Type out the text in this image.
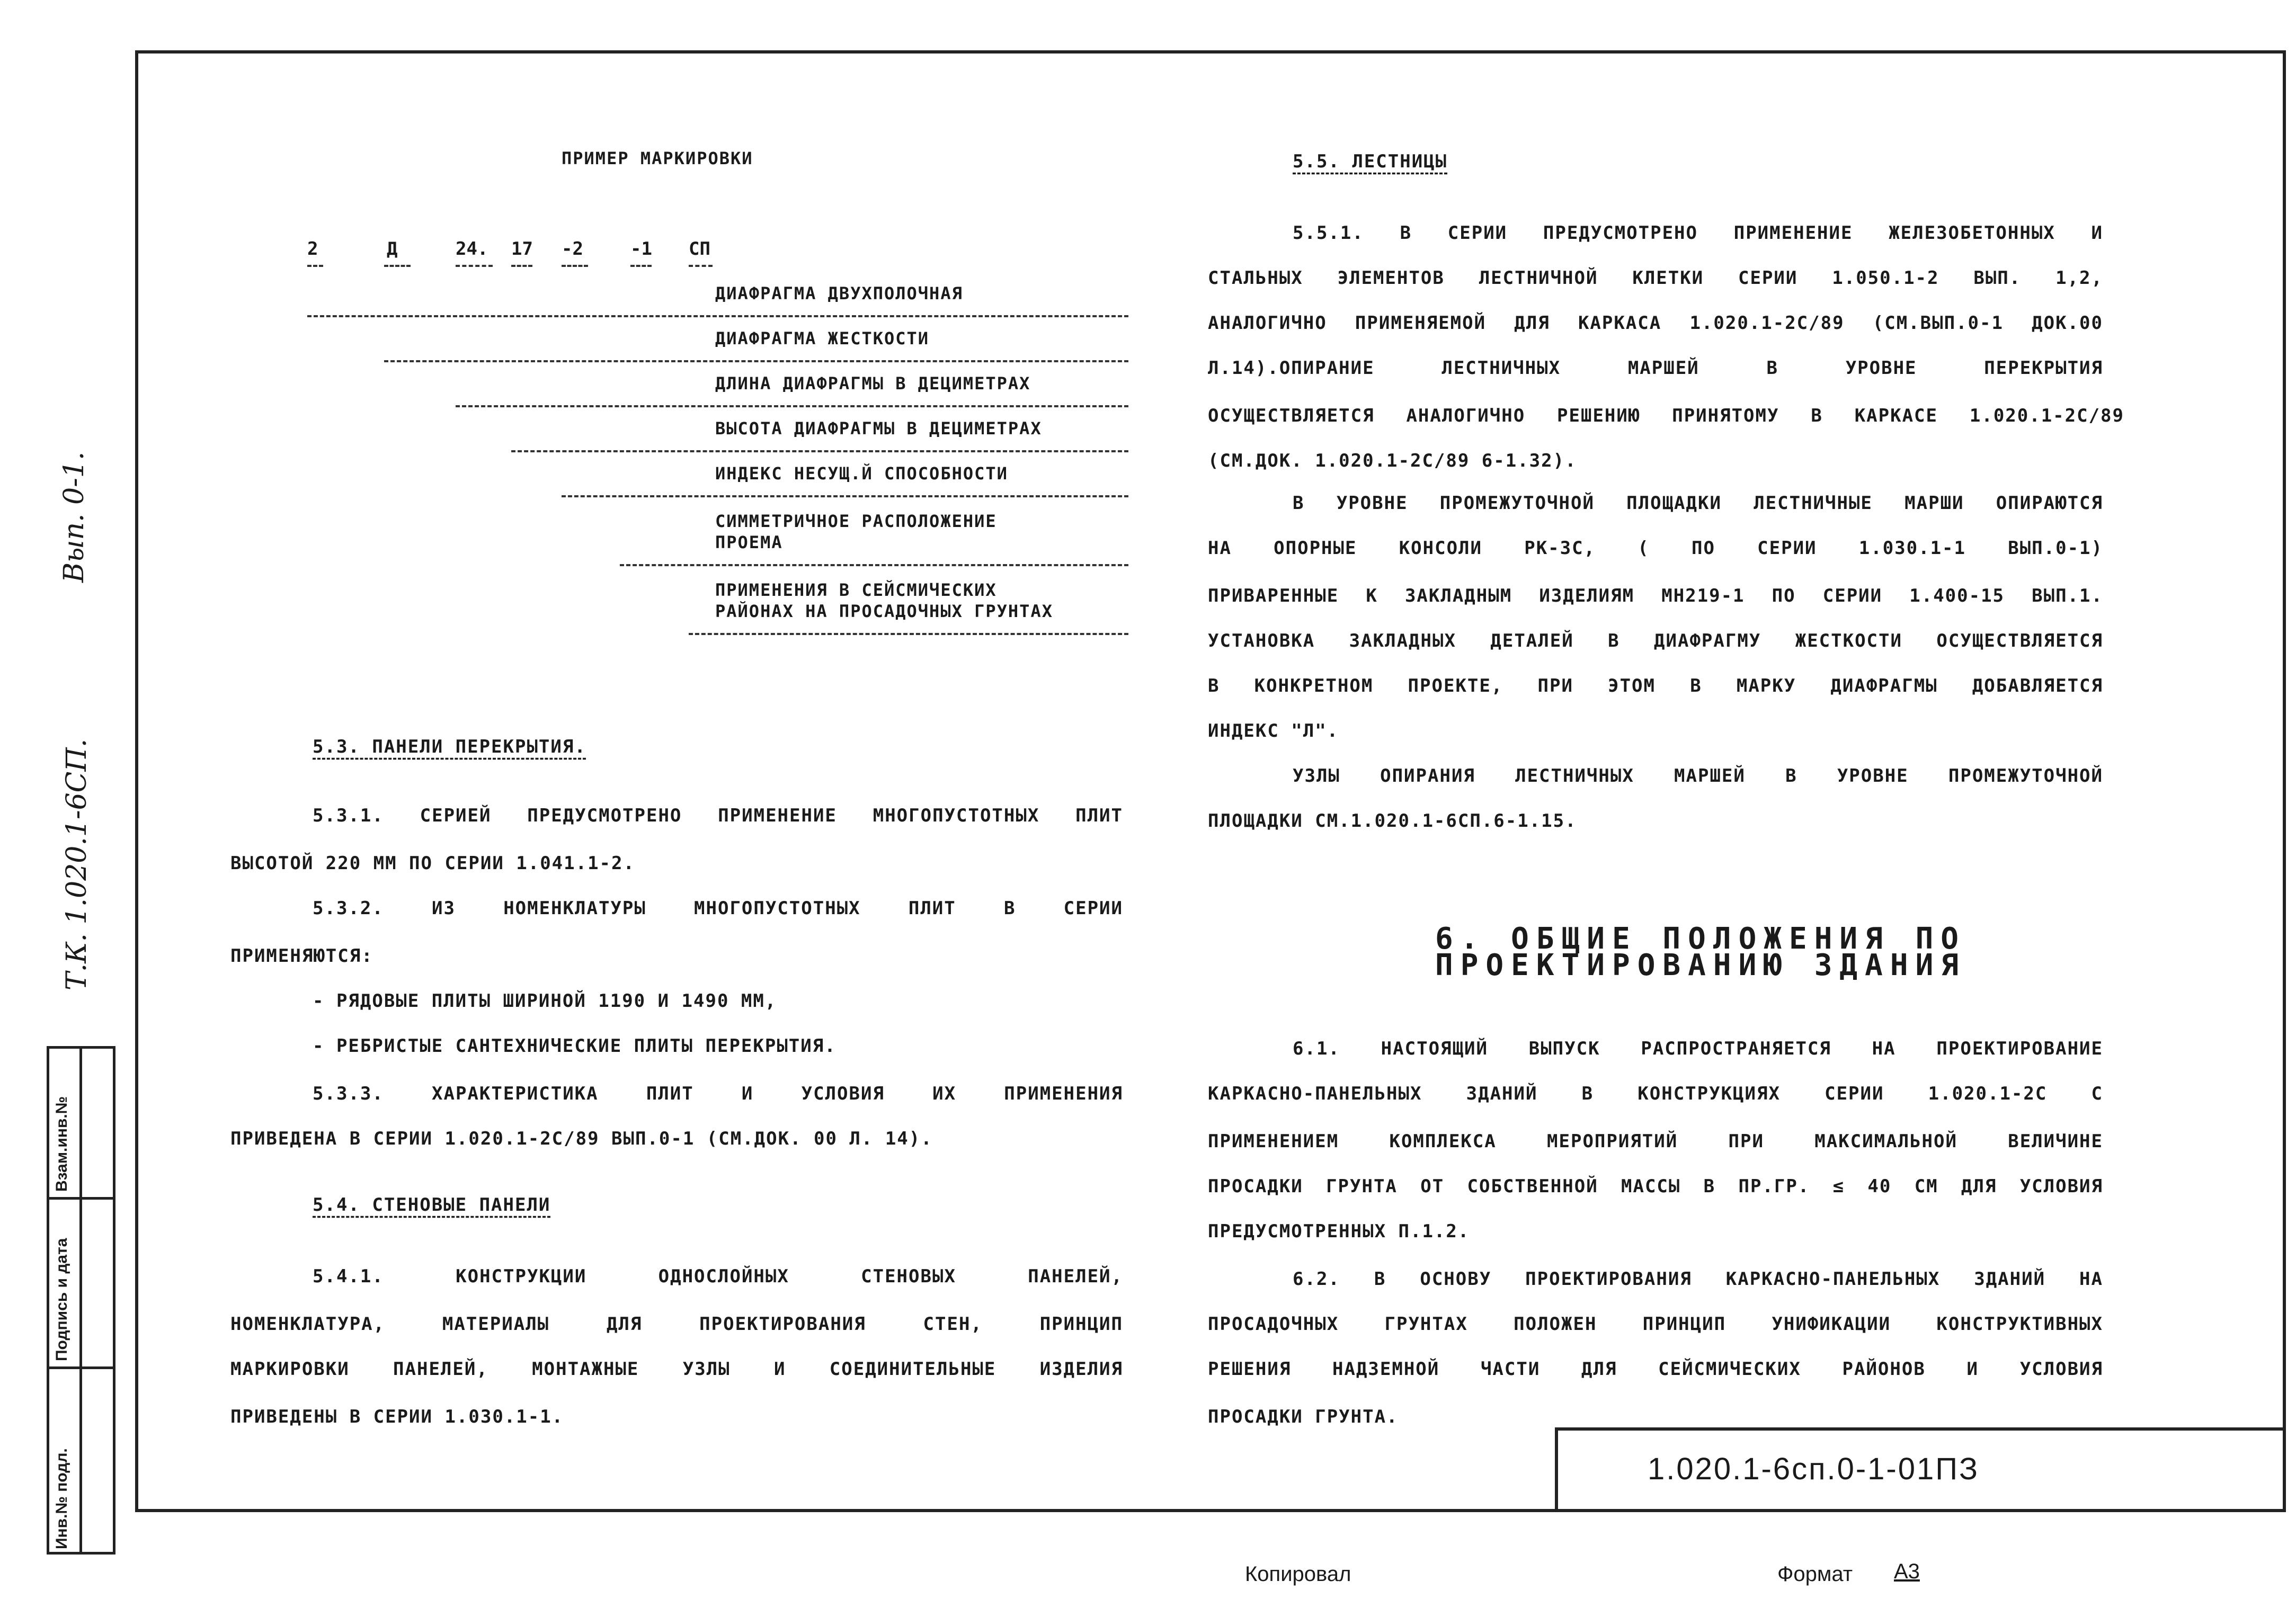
Вып. 0-1.
Т.К. 1.020.1-6СП.
Взам.инв.№
Подпись и дата
Инв.№ подл.
ПРИМЕР МАРКИРОВКИ
2	Д	24. 17 -2	-1 СП
ДИАФРАГМА ДВУХПОЛОЧНАЯ
ДИАФРАГМА ЖЕСТКОСТИ
ДЛИНА ДИАФРАГМЫ В ДЕЦИМЕТРАХ
ВЫСОТА ДИАФРАГМЫ В ДЕЦИМЕТРАХ
ИНДЕКС НЕСУЩ.Й СПОСОБНОСТИ
СИММЕТРИЧНОЕ РАСПОЛОЖЕНИЕ
ПРОЕМА
ПРИМЕНЕНИЯ В СЕЙСМИЧЕСКИХ
РАЙОНАХ НА ПРОСАДОЧНЫХ ГРУНТАХ
5.3. ПАНЕЛИ ПЕРЕКРЫТИЯ.
5.3.1. СЕРИЕЙ ПРЕДУСМОТРЕНО ПРИМЕНЕНИЕ МНОГОПУСТОТНЫХ ПЛИТ
ВЫСОТОЙ 220 ММ ПО СЕРИИ 1.041.1-2.
5.3.2. ИЗ НОМЕНКЛАТУРЫ МНОГОПУСТОТНЫХ ПЛИТ В СЕРИИ
ПРИМЕНЯЮТСЯ:
- РЯДОВЫЕ ПЛИТЫ ШИРИНОЙ 1190 И 1490 ММ,
- РЕБРИСТЫЕ САНТЕХНИЧЕСКИЕ ПЛИТЫ ПЕРЕКРЫТИЯ.
5.3.3. ХАРАКТЕРИСТИКА ПЛИТ И УСЛОВИЯ ИХ ПРИМЕНЕНИЯ
ПРИВЕДЕНА В СЕРИИ 1.020.1-2С/89 ВЫП.0-1 (СМ.ДОК. 00 Л. 14).
5.4. СТЕНОВЫЕ ПАНЕЛИ
5.4.1. КОНСТРУКЦИИ ОДНОСЛОЙНЫХ СТЕНОВЫХ ПАНЕЛЕЙ,
НОМЕНКЛАТУРА, МАТЕРИАЛЫ ДЛЯ ПРОЕКТИРОВАНИЯ СТЕН, ПРИНЦИП
МАРКИРОВКИ ПАНЕЛЕЙ, МОНТАЖНЫЕ УЗЛЫ И СОЕДИНИТЕЛЬНЫЕ ИЗДЕЛИЯ
ПРИВЕДЕНЫ В СЕРИИ 1.030.1-1.
5.5. ЛЕСТНИЦЫ
5.5.1. В СЕРИИ ПРЕДУСМОТРЕНО ПРИМЕНЕНИЕ ЖЕЛЕЗОБЕТОННЫХ И
СТАЛЬНЫХ ЭЛЕМЕНТОВ ЛЕСТНИЧНОЙ КЛЕТКИ СЕРИИ 1.050.1-2 ВЫП. 1,2,
АНАЛОГИЧНО ПРИМЕНЯЕМОЙ ДЛЯ КАРКАСА 1.020.1-2С/89 (СМ.ВЫП.0-1 ДОК.00
Л.14).ОПИРАНИЕ ЛЕСТНИЧНЫХ МАРШЕЙ В УРОВНЕ ПЕРЕКРЫТИЯ
ОСУЩЕСТВЛЯЕТСЯ АНАЛОГИЧНО РЕШЕНИЮ ПРИНЯТОМУ В КАРКАСЕ 1.020.1-2С/89
(СМ.ДОК. 1.020.1-2С/89 6-1.32).
В УРОВНЕ ПРОМЕЖУТОЧНОЙ ПЛОЩАДКИ ЛЕСТНИЧНЫЕ МАРШИ ОПИРАЮТСЯ
НА ОПОРНЫЕ КОНСОЛИ РК-3С, ( ПО СЕРИИ 1.030.1-1 ВЫП.0-1)
ПРИВАРЕННЫЕ К ЗАКЛАДНЫМ ИЗДЕЛИЯМ МН219-1 ПО СЕРИИ 1.400-15 ВЫП.1.
УСТАНОВКА ЗАКЛАДНЫХ ДЕТАЛЕЙ В ДИАФРАГМУ ЖЕСТКОСТИ ОСУЩЕСТВЛЯЕТСЯ
В КОНКРЕТНОМ ПРОЕКТЕ, ПРИ ЭТОМ В МАРКУ ДИАФРАГМЫ ДОБАВЛЯЕТСЯ
ИНДЕКС "Л".
УЗЛЫ ОПИРАНИЯ ЛЕСТНИЧНЫХ МАРШЕЙ В УРОВНЕ ПРОМЕЖУТОЧНОЙ
ПЛОЩАДКИ СМ.1.020.1-6СП.6-1.15.
6. ОБЩИЕ ПОЛОЖЕНИЯ ПО
ПРОЕКТИРОВАНИЮ ЗДАНИЯ
6.1. НАСТОЯЩИЙ ВЫПУСК РАСПРОСТРАНЯЕТСЯ НА ПРОЕКТИРОВАНИЕ
КАРКАСНО-ПАНЕЛЬНЫХ ЗДАНИЙ В КОНСТРУКЦИЯХ СЕРИИ 1.020.1-2С С
ПРИМЕНЕНИЕМ КОМПЛЕКСА МЕРОПРИЯТИЙ ПРИ МАКСИМАЛЬНОЙ ВЕЛИЧИНЕ
ПРОСАДКИ ГРУНТА ОТ СОБСТВЕННОЙ МАССЫ В ПР.ГР. ≤ 40 СМ ДЛЯ УСЛОВИЯ
ПРЕДУСМОТРЕННЫХ П.1.2.
6.2. В ОСНОВУ ПРОЕКТИРОВАНИЯ КАРКАСНО-ПАНЕЛЬНЫХ ЗДАНИЙ НА
ПРОСАДОЧНЫХ ГРУНТАХ ПОЛОЖЕН ПРИНЦИП УНИФИКАЦИИ КОНСТРУКТИВНЫХ
РЕШЕНИЯ НАДЗЕМНОЙ ЧАСТИ ДЛЯ СЕЙСМИЧЕСКИХ РАЙОНОВ И УСЛОВИЯ
ПРОСАДКИ ГРУНТА.
1.020.1-6сп.0-1-01ПЗ
Копировал	Формат А3
